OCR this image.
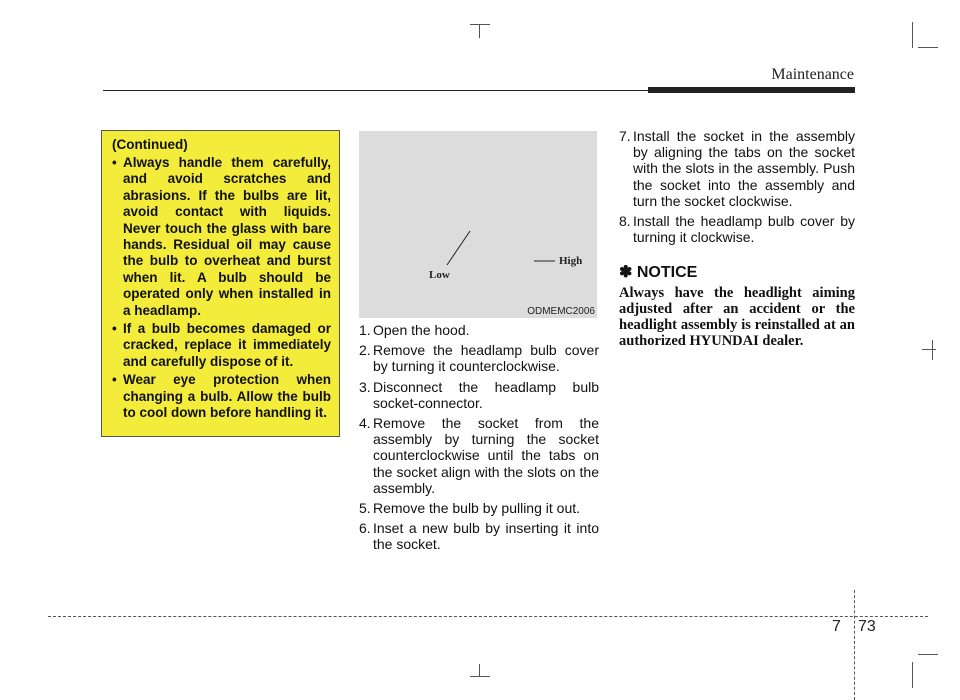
Maintenance
(Continued)
• Always handle them carefully, and avoid scratches and abrasions. If the bulbs are lit, avoid contact with liquids. Never touch the glass with bare hands. Residual oil may cause the bulb to overheat and burst when lit. A bulb should be operated only when installed in a headlamp.
• If a bulb becomes damaged or cracked, replace it immediately and carefully dispose of it.
• Wear eye protection when changing a bulb. Allow the bulb to cool down before handling it.
Low
High
ODMEMC2006
1. Open the hood.
2. Remove the headlamp bulb cover by turning it counterclockwise.
3. Disconnect the headlamp bulb socket-connector.
4. Remove the socket from the assembly by turning the socket counterclockwise until the tabs on the socket align with the slots on the assembly.
5. Remove the bulb by pulling it out.
6. Inset a new bulb by inserting it into the socket.
7. Install the socket in the assembly by aligning the tabs on the socket with the slots in the assembly. Push the socket into the assembly and turn the socket clockwise.
8. Install the headlamp bulb cover by turning it clockwise.
✽ NOTICE
Always have the headlight aiming adjusted after an accident or the headlight assembly is reinstalled at an authorized HYUNDAI dealer.
7 73
